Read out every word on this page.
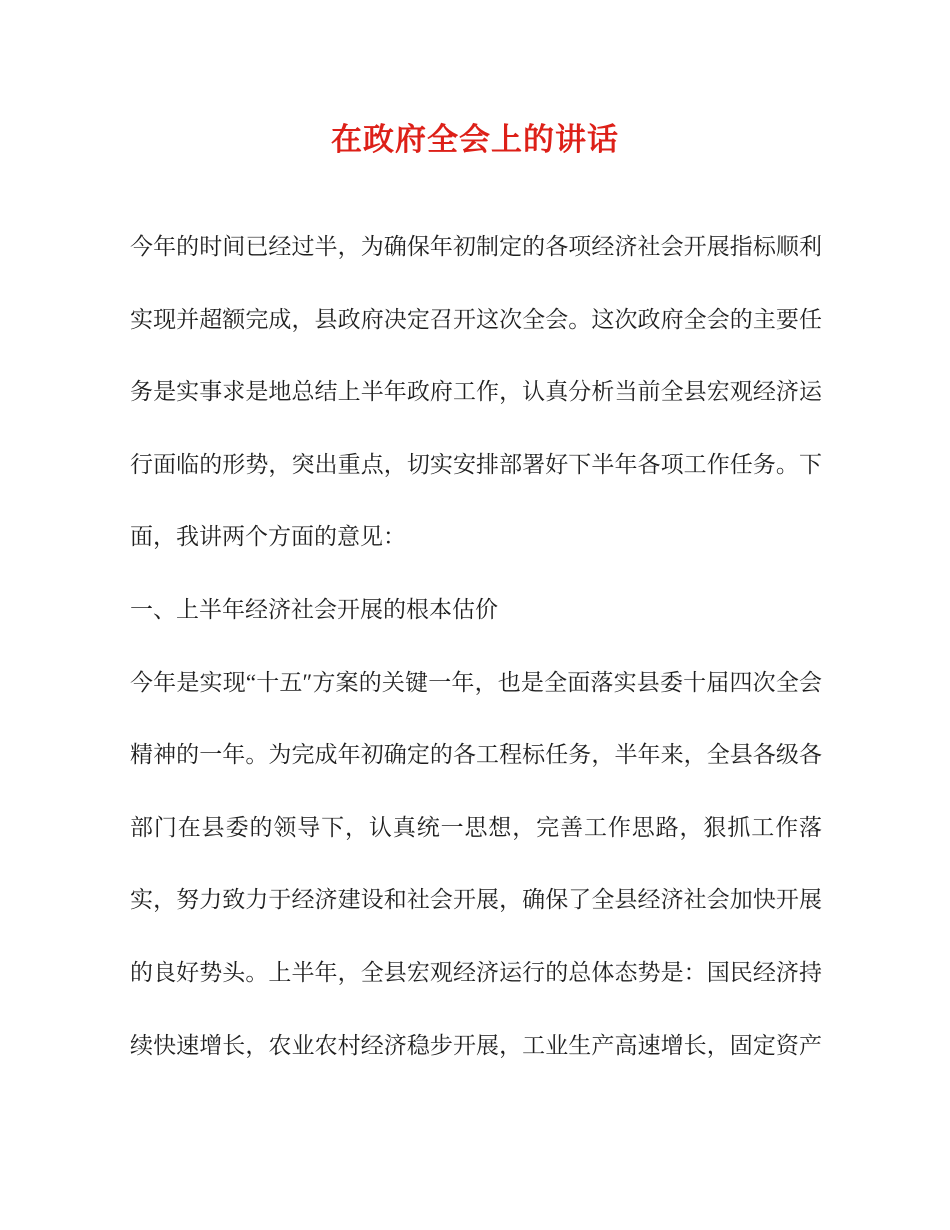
在政府全会上的讲话
今年的时间已经过半，为确保年初制定的各项经济社会开展指标顺利
实现并超额完成，县政府决定召开这次全会。这次政府全会的主要任
务是实事求是地总结上半年政府工作，认真分析当前全县宏观经济运
行面临的形势，突出重点，切实安排部署好下半年各项工作任务。下
面，我讲两个方面的意见：
一、上半年经济社会开展的根本估价
今年是实现“十五″方案的关键一年，也是全面落实县委十届四次全会
精神的一年。为完成年初确定的各工程标任务，半年来，全县各级各
部门在县委的领导下，认真统一思想，完善工作思路，狠抓工作落
实，努力致力于经济建设和社会开展，确保了全县经济社会加快开展
的良好势头。上半年，全县宏观经济运行的总体态势是：国民经济持
续快速增长，农业农村经济稳步开展，工业生产高速增长，固定资产
